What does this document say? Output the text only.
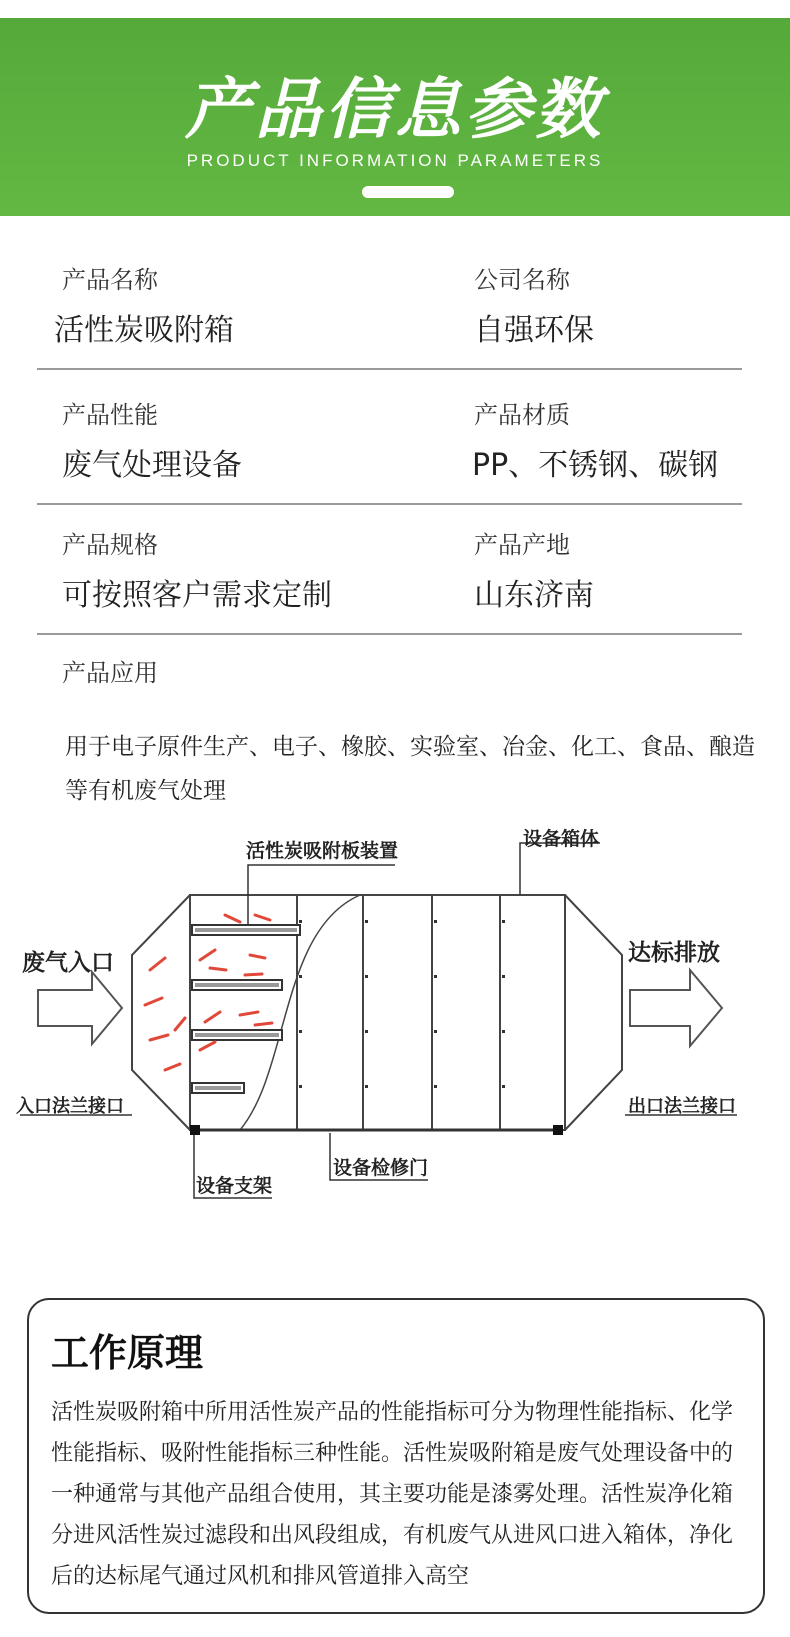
产品信息参数
PRODUCT INFORMATION PARAMETERS
产品名称
活性炭吸附箱
公司名称
自强环保
产品性能
废气处理设备
产品材质
PP、不锈钢、碳钢
产品规格
可按照客户需求定制
产品产地
山东济南
产品应用
用于电子原件生产、电子、橡胶、实验室、冶金、化工、食品、酿造等有机废气处理
活性炭吸附板装置
设备箱体
废气入口	达标排放
入口法兰接口	出口法兰接口
设备支架
设备检修门
工作原理
活性炭吸附箱中所用活性炭产品的性能指标可分为物理性能指标、化学性能指标、吸附性能指标三种性能。活性炭吸附箱是废气处理设备中的一种通常与其他产品组合使用，其主要功能是漆雾处理。活性炭净化箱分进风活性炭过滤段和出风段组成，有机废气从进风口进入箱体，净化后的达标尾气通过风机和排风管道排入高空
